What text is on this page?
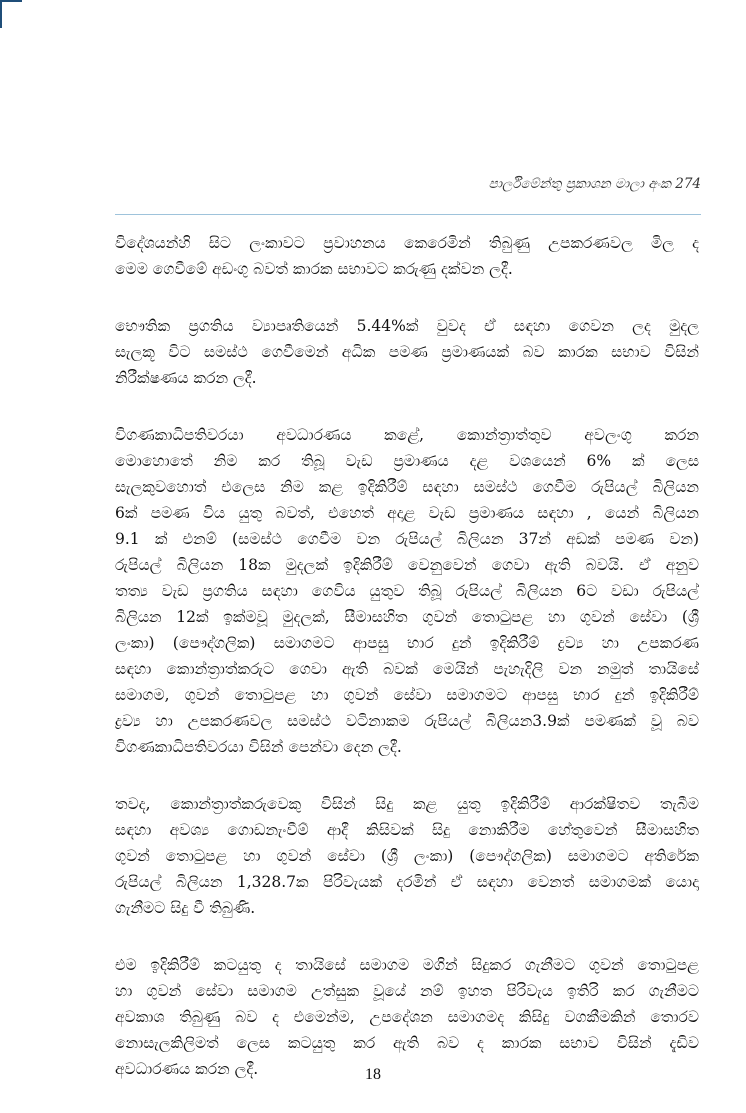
පාර්ලිමේන්තු ප්‍රකාශන මාලා අංක 274

විදේශයන්හි සිට ලංකාවට ප්‍රවාහනය කෙරෙමින් තිබුණු උපකරණවල මිල ද
මෙම ගෙවීමේ අඩංගු බවත් කාරක සභාවට කරුණු දක්වන ලදී.

භෞතික ප්‍රගතිය ව්‍යාපෘතියෙන් 5.44%ක් වුවද ඒ සඳහා ගෙවන ලද මුදල
සැලකූ විට සමස්ථ ගෙවීමෙන් අධික පමණ ප්‍රමාණයක් බව කාරක සභාව විසින්
නිරීක්ෂණය කරන ලදී.

විගණකාධිපතිවරයා අවධාරණය කළේ, කොන්ත්‍රාත්තුව අවලංගු කරන
මොහොතේ නිම කර තිබූ වැඩ ප්‍රමාණය දළ වශයෙන් 6% ක් ලෙස
සැලකුවහොත් එලෙස නිම කළ ඉදිකිරීම් සඳහා සමස්ථ ගෙවීම රුපියල් බිලියන
6ක් පමණ විය යුතු බවත්, එහෙත් අදාළ වැඩ ප්‍රමාණය සඳහා , යෙන් බිලියන
9.1 ක් එනම් (සමස්ථ ගෙවීම වන රුපියල් බිලියන 37න් අඩක් පමණ වන)
රුපියල් බිලියන 18ක මුදලක් ඉදිකිරීම් වෙනුවෙන් ගෙවා ඇති බවයි. ඒ අනුව
තත්‍ය වැඩ ප්‍රගතිය සඳහා ගෙවිය යුතුව තිබූ රුපියල් බිලියන 6ට වඩා රුපියල්
බිලියන 12ක් ඉක්මවූ මුදලක්, සීමාසහිත ගුවන් තොටුපළ හා ගුවන් සේවා (ශ්‍රී
ලංකා) (පෞද්ගලික) සමාගමට ආපසු භාර දුන් ඉදිකිරීම් ද්‍රව්‍ය හා උපකරණ
සඳහා කොන්ත්‍රාත්කරුට ගෙවා ඇති බවක් මෙයින් පැහැදිලි වන නමුත් තායිසේ
සමාගම, ගුවන් තොටුපළ හා ගුවන් සේවා සමාගමට ආපසු භාර දුන් ඉදිකිරීම්
ද්‍රව්‍ය හා උපකරණවල සමස්ථ වටිනාකම රුපියල් බිලියන3.9ක් පමණක් වූ බව
විගණකාධිපතිවරයා විසින් පෙන්වා දෙන ලදී.

තවද, කොන්ත්‍රාත්කරුවෙකු විසින් සිදු කළ යුතු ඉදිකිරීම් ආරක්ෂිතව තැබීම
සඳහා අවශ්‍ය ගොඩනැංවීම් ආදී කිසිවක් සිදු නොකිරීම හේතුවෙන් සීමාසහිත
ගුවන් තොටුපළ හා ගුවන් සේවා (ශ්‍රී ලංකා) (පෞද්ගලික) සමාගමට අතිරේක
රුපියල් බිලියන 1,328.7ක පිරිවැයක් දරමින් ඒ සඳහා වෙනත් සමාගමක් යොදා
ගැනීමට සිදු වී තිබුණි.

එම ඉදිකිරීම් කටයුතු ද තායිසේ සමාගම මගින් සිදුකර ගැනීමට ගුවන් තොටුපළ
හා ගුවන් සේවා සමාගම උත්සුක වූයේ නම් ඉහත පිරිවැය ඉතිරි කර ගැනීමට
අවකාශ තිබුණු බව ද එමෙන්ම, උපදේශන සමාගමද කිසිදු වගකීමකින් තොරව
නොසැලකිලිමත් ලෙස කටයුතු කර ඇති බව ද කාරක සභාව විසින් දැඩිව
අවධාරණය කරන ලදී.	18
